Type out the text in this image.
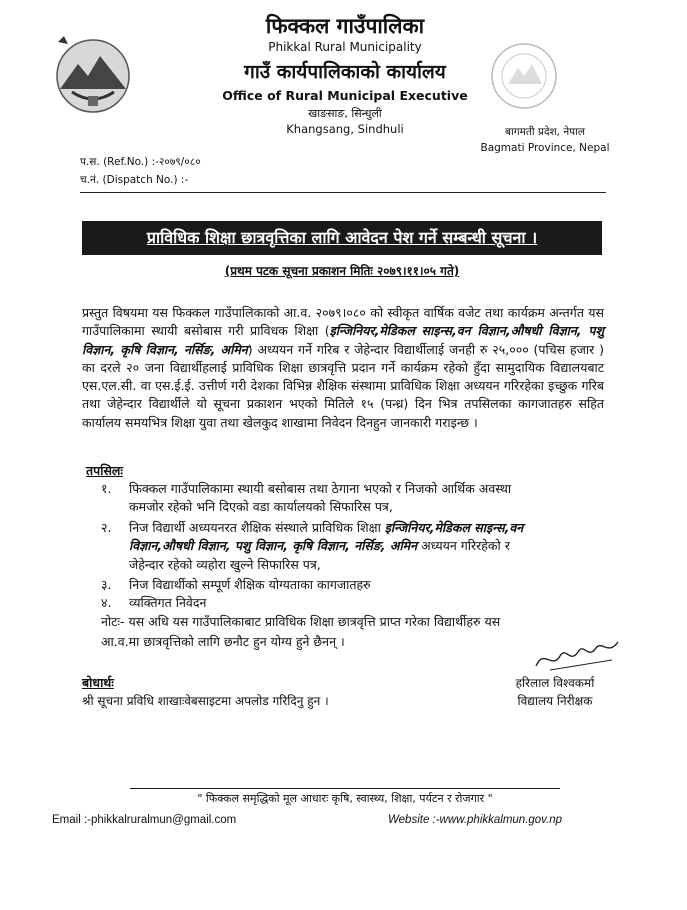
फिक्कल गाउँपालिका
Phikkal Rural Municipality
गाउँ कार्यपालिकाको कार्यालय
Office of Rural Municipal Executive
खाङसाङ, सिन्धुली
Khangsang, Sindhuli	बागमती प्रदेश, नेपाल
Bagmati Province, Nepal
प.स. (Ref.No.) :-२०७९/०८०
च.नं. (Dispatch No.) :-
प्राविधिक शिक्षा छात्रवृत्तिका लागि आवेदन पेश गर्ने सम्बन्धी सूचना ।
(प्रथम पटक सूचना प्रकाशन मितिः २०७९।११।०५ गते)
प्रस्तुत विषयमा यस फिक्कल गाउँपालिकाको आ.व. २०७९।०८० को स्वीकृत वार्षिक वजेट तथा कार्यक्रम अन्तर्गत यस गाउँपालिकामा स्थायी बसोबास गरी प्राविधक शिक्षा (इन्जिनियर,मेडिकल साइन्स,वन विज्ञान,औषधी विज्ञान, पशु विज्ञान, कृषि विज्ञान, नर्सिङ, अमिन) अध्ययन गर्ने गरिब र जेहेन्दार विद्यार्थीलाई जनही रु २५,००० (पचिस हजार ) का दरले २० जना विद्यार्थीहलाई प्राविधिक शिक्षा छात्रवृत्ति प्रदान गर्ने कार्यक्रम रहेको हुँदा सामुदायिक विद्यालयबाट एस.एल.सी. वा एस.ई.ई. उत्तीर्ण गरी देशका विभिन्न शैक्षिक संस्थामा प्राविधिक शिक्षा अध्ययन गरिरहेका इच्छुक गरिब तथा जेहेन्दार विद्यार्थीले यो सूचना प्रकाशन भएको मितिले १५ (पन्ध्र) दिन भित्र तपसिलका कागजातहरु सहित कार्यालय समयभित्र शिक्षा युवा तथा खेलकुद शाखामा निवेदन दिनहुन जानकारी गराइन्छ ।
तपसिलः
१. फिक्कल गाउँपालिकामा स्थायी बसोबास तथा ठेगाना भएको र निजको आर्थिक अवस्था कमजोर रहेको भनि दिएको वडा कार्यालयको सिफारिस पत्र,
२. निज विद्यार्थी अध्ययनरत शैक्षिक संस्थाले प्राविधिक शिक्षा इन्जिनियर,मेडिकल साइन्स,वन विज्ञान,औषधी विज्ञान, पशु विज्ञान, कृषि विज्ञान, नर्सिङ, अमिन अध्ययन गरिरहेको र जेहेन्दार रहेको व्यहोरा खुल्ने सिफारिस पत्र,
३. निज विद्यार्थीको सम्पूर्ण शैक्षिक योग्यताका कागजातहरु
४. व्यक्तिगत निवेदन
नोटः- यस अधि यस गाउँपालिकाबाट प्राविधिक शिक्षा छात्रवृत्ति प्राप्त गरेका विद्यार्थीहरु यस आ.व.मा छात्रवृत्तिको लागि छनौट हुन योग्य हुने छैनन् ।
हरिलाल विश्वकर्मा
विद्यालय निरीक्षक
बोधार्थः
श्री सूचना प्रविधि शाखाःवेबसाइटमा अपलोड गरिदिनु हुन ।
" फिक्कल समृद्धिको मूल आधारः कृषि, स्वास्थ्य, शिक्षा, पर्यटन र रोजगार "
Email :-phikkalruralmun@gmail.com	Website :-www.phikkalmun.gov.np
